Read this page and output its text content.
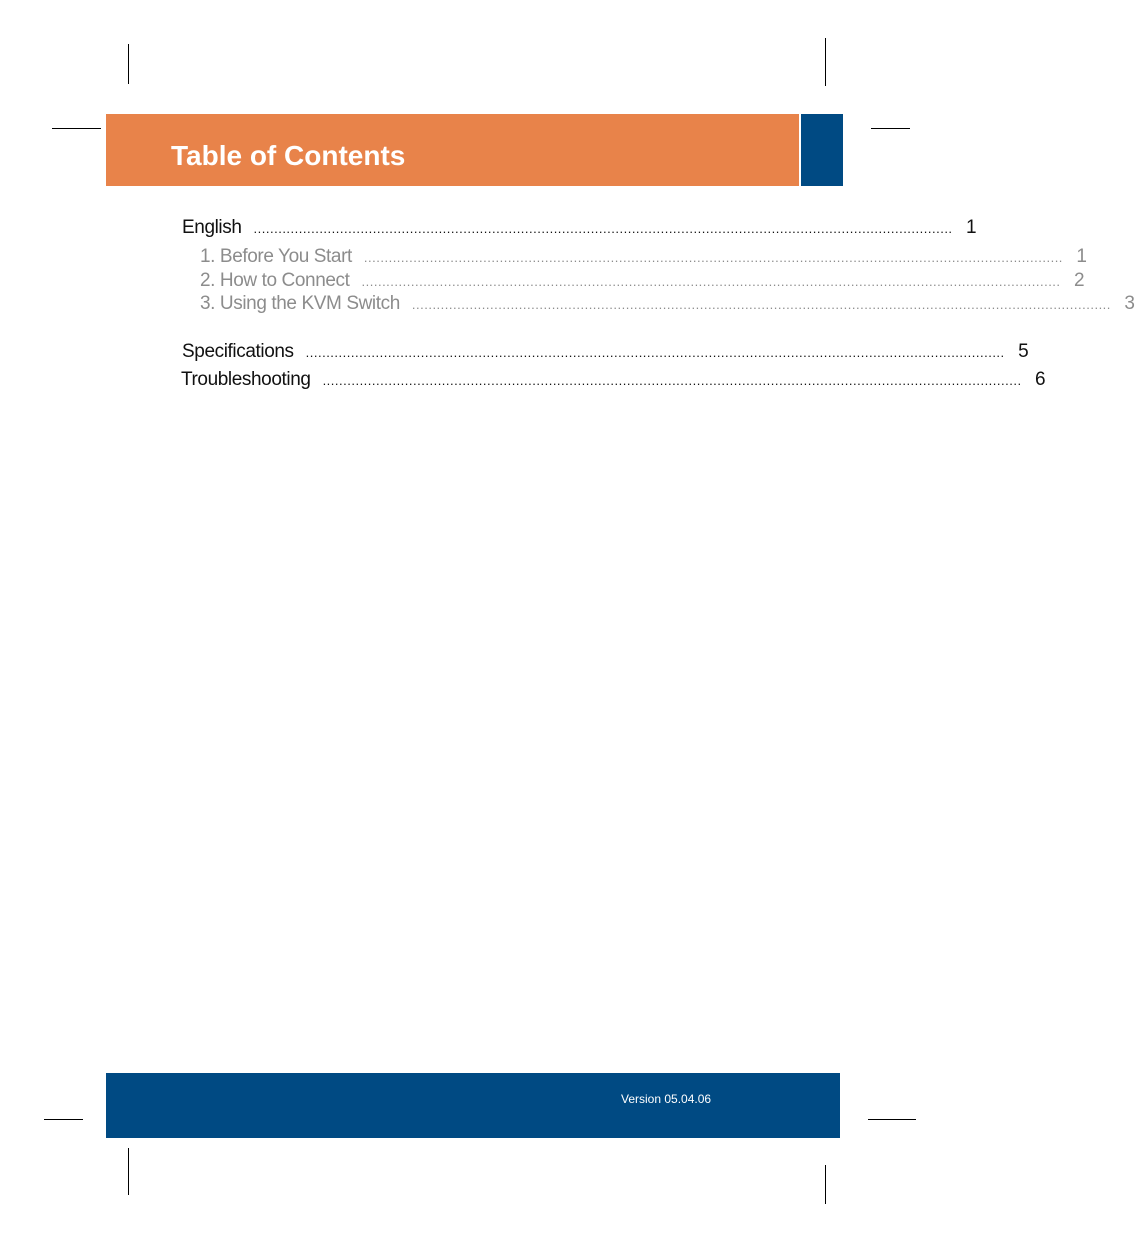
Table of Contents
English .......................................................................................................................................................................... 1
1. Before You Start .......................................................................................................................................................................... 1
2. How to Connect .......................................................................................................................................................................... 2
3. Using the KVM Switch .......................................................................................................................................................................... 3
Specifications .......................................................................................................................................................................... 5
Troubleshooting .......................................................................................................................................................................... 6
Version 05.04.06
